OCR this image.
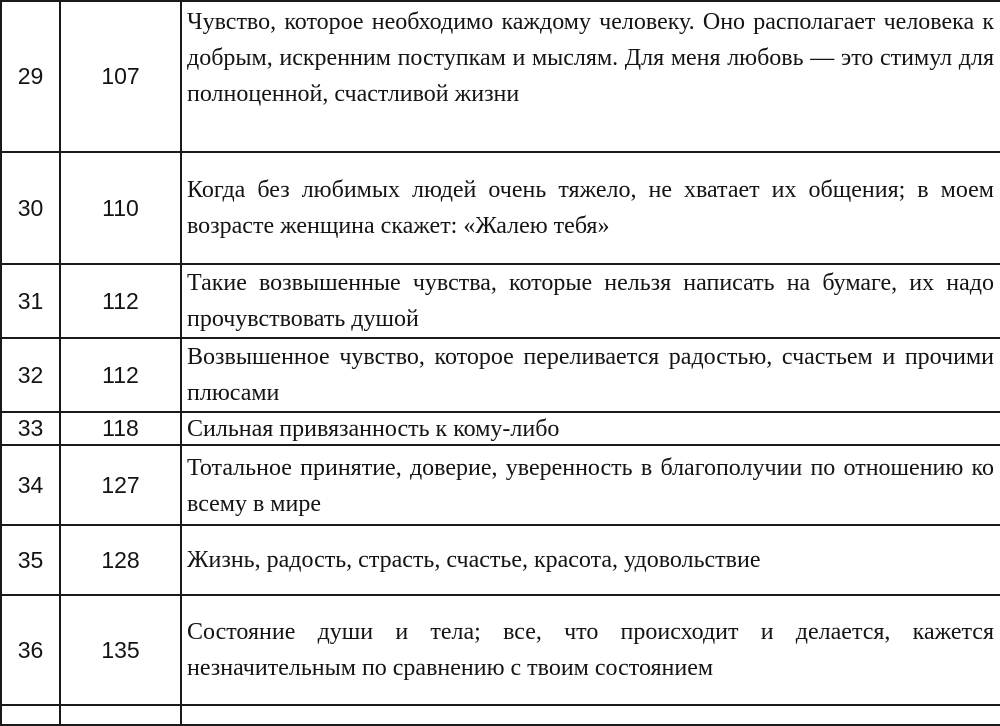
29	107	Чувство, которое необходимо каждому человеку. Оно располагает человека к добрым, искренним поступкам и мыслям. Для меня любовь — это стимул для полноценной, счастливой жизни

30	110	Когда без любимых людей очень тяжело, не хватает их общения; в моем возрасте женщина скажет: «Жалею тебя»

31	112	Такие возвышенные чувства, которые нельзя написать на бумаге, их надо прочувствовать душой

32	112	Возвышенное чувство, которое переливается радостью, счастьем и прочими плюсами

33	118	Сильная привязанность к кому-либо

34	127	Тотальное принятие, доверие, уверенность в благополучии по отношению ко всему в мире

35	128	Жизнь, радость, страсть, счастье, красота, удовольствие

36	135	Состояние души и тела; все, что происходит и делается, кажется незначительным по сравнению с твоим состоянием
